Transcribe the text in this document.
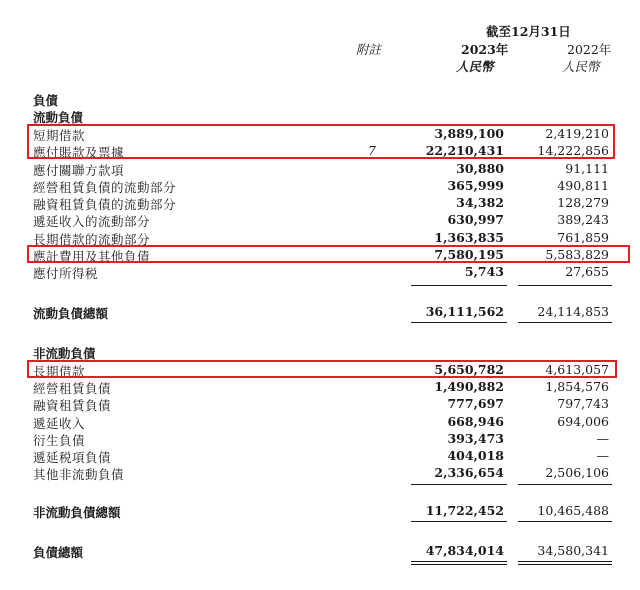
截至12月31日
附註	2023年	2022年
人民幣	人民幣
負債
流動負債
短期借款	3,889,100	2,419,210
應付賬款及票據	7	22,210,431	14,222,856
應付關聯方款項	30,880	91,111
經營租賃負債的流動部分	365,999	490,811
融資租賃負債的流動部分	34,382	128,279
遞延收入的流動部分	630,997	389,243
長期借款的流動部分	1,363,835	761,859
應計費用及其他負債	7,580,195	5,583,829
應付所得税	5,743	27,655
流動負債總額	36,111,562	24,114,853
非流動負債
長期借款	5,650,782	4,613,057
經營租賃負債	1,490,882	1,854,576
融資租賃負債	777,697	797,743
遞延收入	668,946	694,006
衍生負債	393,473	—
遞延税項負債	404,018	—
其他非流動負債	2,336,654	2,506,106
非流動負債總額	11,722,452	10,465,488
負債總額	47,834,014	34,580,341
